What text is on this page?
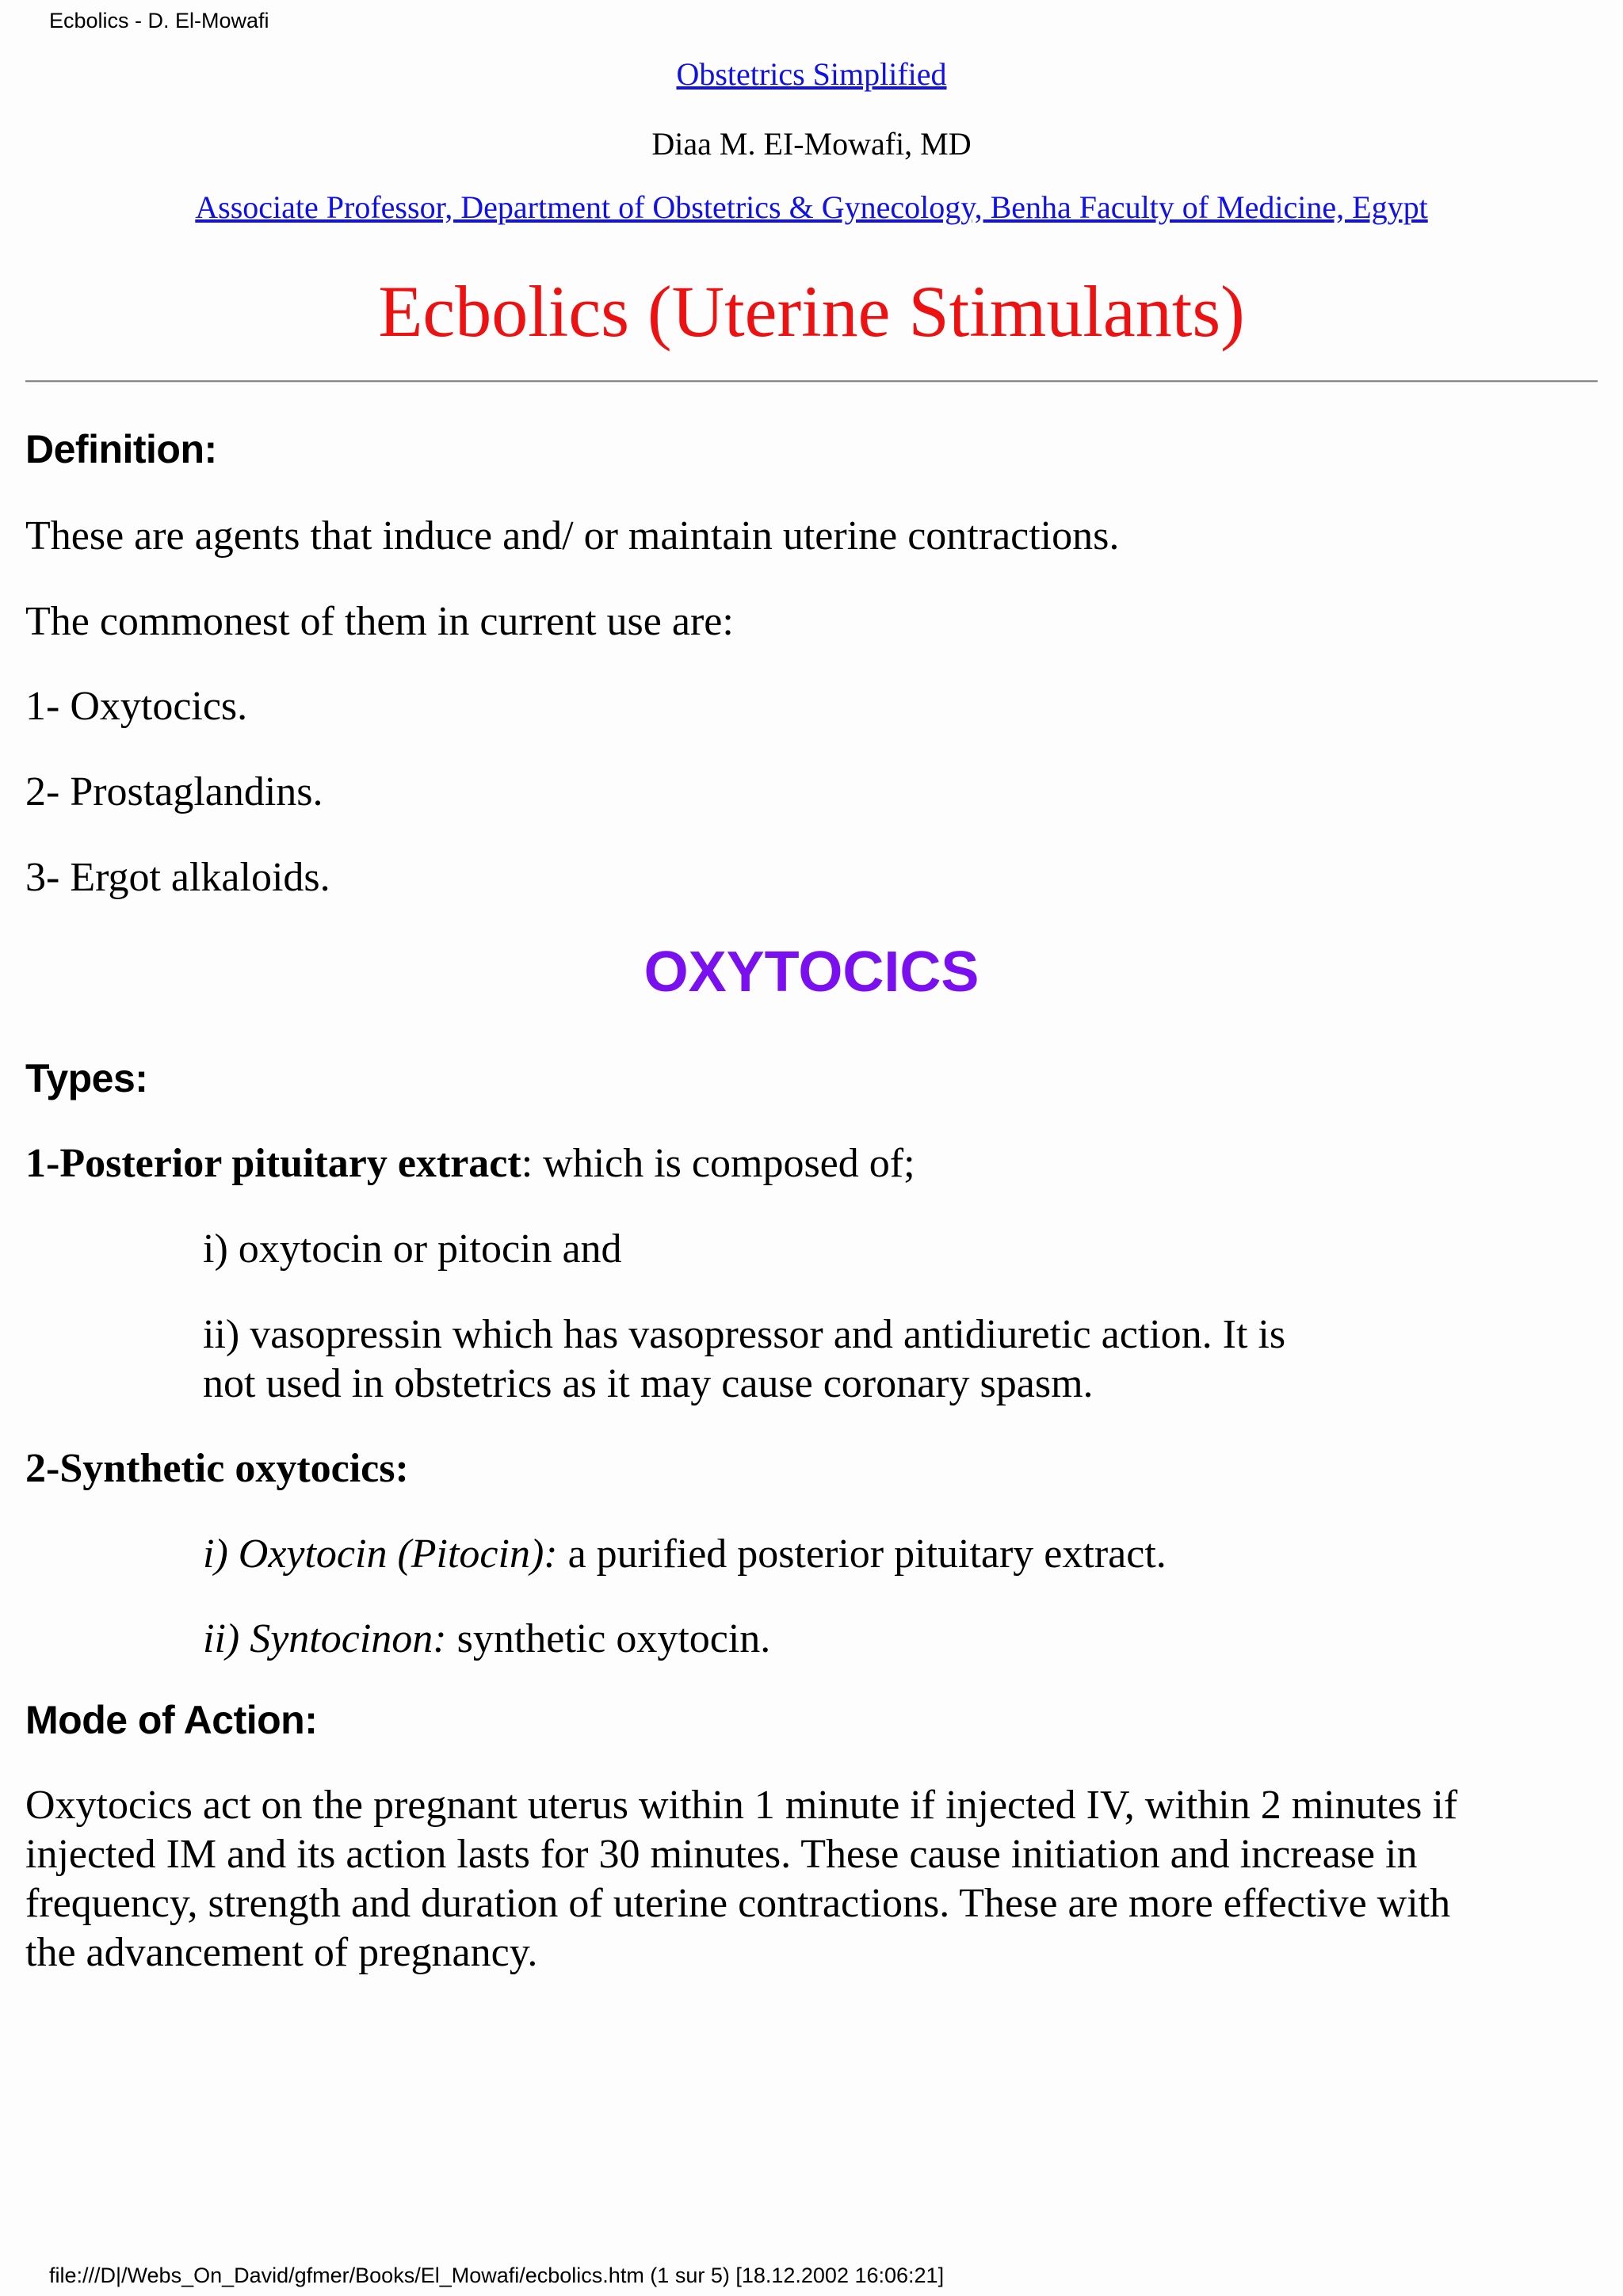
Ecbolics - D. El-Mowafi
Obstetrics Simplified
Diaa M. EI-Mowafi, MD
Associate Professor, Department of Obstetrics & Gynecology, Benha Faculty of Medicine, Egypt
Ecbolics (Uterine Stimulants)
Definition:
These are agents that induce and/ or maintain uterine contractions.
The commonest of them in current use are:
1- Oxytocics.
2- Prostaglandins.
3- Ergot alkaloids.
OXYTOCICS
Types:
1-Posterior pituitary extract: which is composed of;
i) oxytocin or pitocin and
ii) vasopressin which has vasopressor and antidiuretic action. It is
not used in obstetrics as it may cause coronary spasm.
2-Synthetic oxytocics:
i) Oxytocin (Pitocin): a purified posterior pituitary extract.
ii) Syntocinon: synthetic oxytocin.
Mode of Action:
Oxytocics act on the pregnant uterus within 1 minute if injected IV, within 2 minutes if
injected IM and its action lasts for 30 minutes. These cause initiation and increase in
frequency, strength and duration of uterine contractions. These are more effective with
the advancement of pregnancy.
file:///D|/Webs_On_David/gfmer/Books/El_Mowafi/ecbolics.htm (1 sur 5) [18.12.2002 16:06:21]
